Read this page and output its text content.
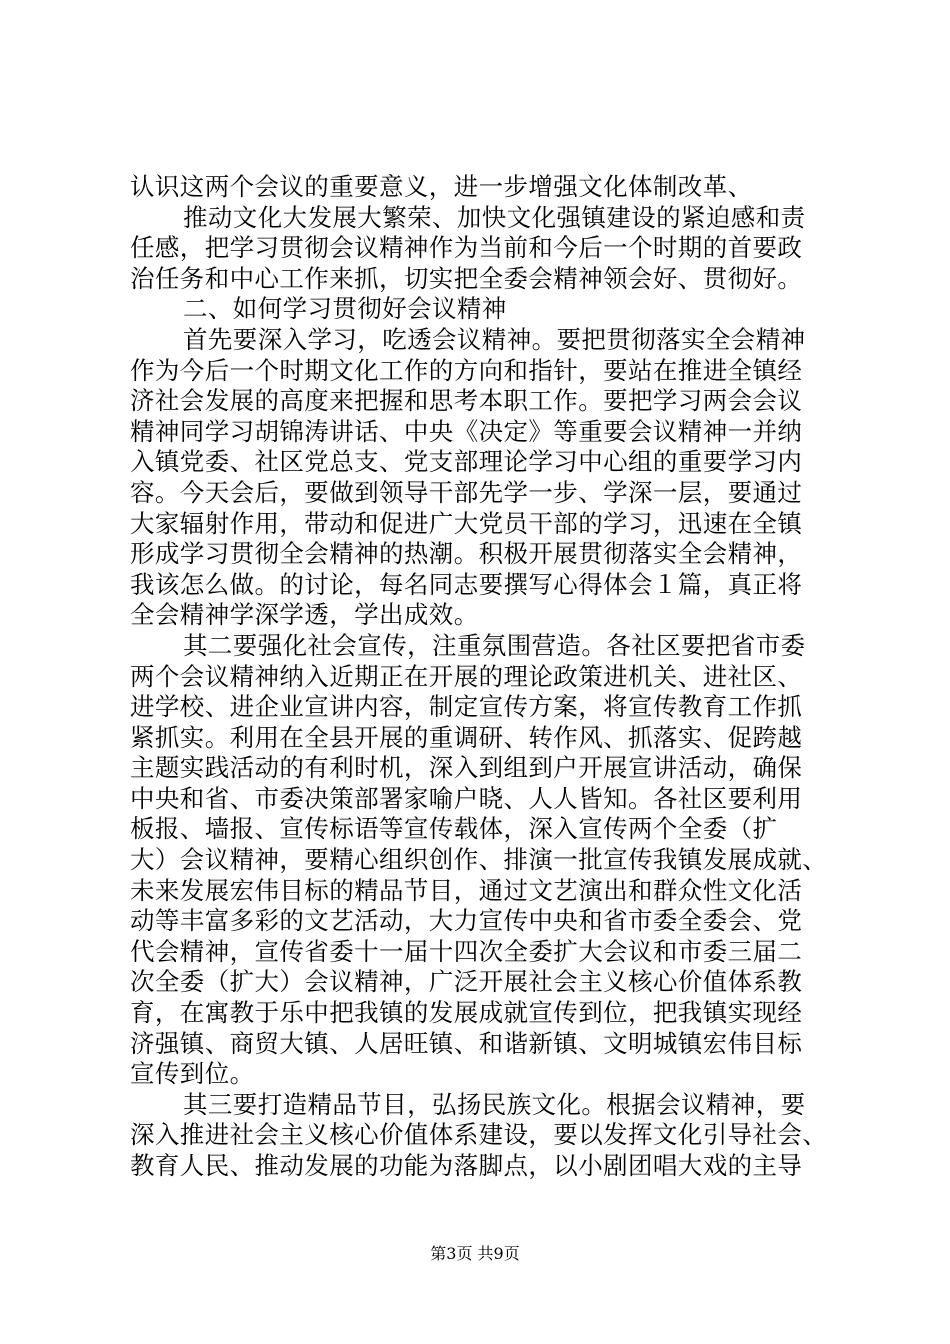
认识这两个会议的重要意义，进一步增强文化体制改革、
推动文化大发展大繁荣、加快文化强镇建设的紧迫感和责
任感，把学习贯彻会议精神作为当前和今后一个时期的首要政
治任务和中心工作来抓，切实把全委会精神领会好、贯彻好。
二、如何学习贯彻好会议精神
首先要深入学习，吃透会议精神。要把贯彻落实全会精神
作为今后一个时期文化工作的方向和指针，要站在推进全镇经
济社会发展的高度来把握和思考本职工作。要把学习两会会议
精神同学习胡锦涛讲话、中央《决定》等重要会议精神一并纳
入镇党委、社区党总支、党支部理论学习中心组的重要学习内
容。今天会后，要做到领导干部先学一步、学深一层，要通过
大家辐射作用，带动和促进广大党员干部的学习，迅速在全镇
形成学习贯彻全会精神的热潮。积极开展贯彻落实全会精神，
我该怎么做。的讨论，每名同志要撰写心得体会１篇，真正将
全会精神学深学透，学出成效。
其二要强化社会宣传，注重氛围营造。各社区要把省市委
两个会议精神纳入近期正在开展的理论政策进机关、进社区、
进学校、进企业宣讲内容，制定宣传方案，将宣传教育工作抓
紧抓实。利用在全县开展的重调研、转作风、抓落实、促跨越
主题实践活动的有利时机，深入到组到户开展宣讲活动，确保
中央和省、市委决策部署家喻户晓、人人皆知。各社区要利用
板报、墙报、宣传标语等宣传载体，深入宣传两个全委（扩
大）会议精神，要精心组织创作、排演一批宣传我镇发展成就、
未来发展宏伟目标的精品节目，通过文艺演出和群众性文化活
动等丰富多彩的文艺活动，大力宣传中央和省市委全委会、党
代会精神，宣传省委十一届十四次全委扩大会议和市委三届二
次全委（扩大）会议精神，广泛开展社会主义核心价值体系教
育，在寓教于乐中把我镇的发展成就宣传到位，把我镇实现经
济强镇、商贸大镇、人居旺镇、和谐新镇、文明城镇宏伟目标
宣传到位。
其三要打造精品节目，弘扬民族文化。根据会议精神，要
深入推进社会主义核心价值体系建设，要以发挥文化引导社会、
教育人民、推动发展的功能为落脚点，以小剧团唱大戏的主导
第3页 共9页
